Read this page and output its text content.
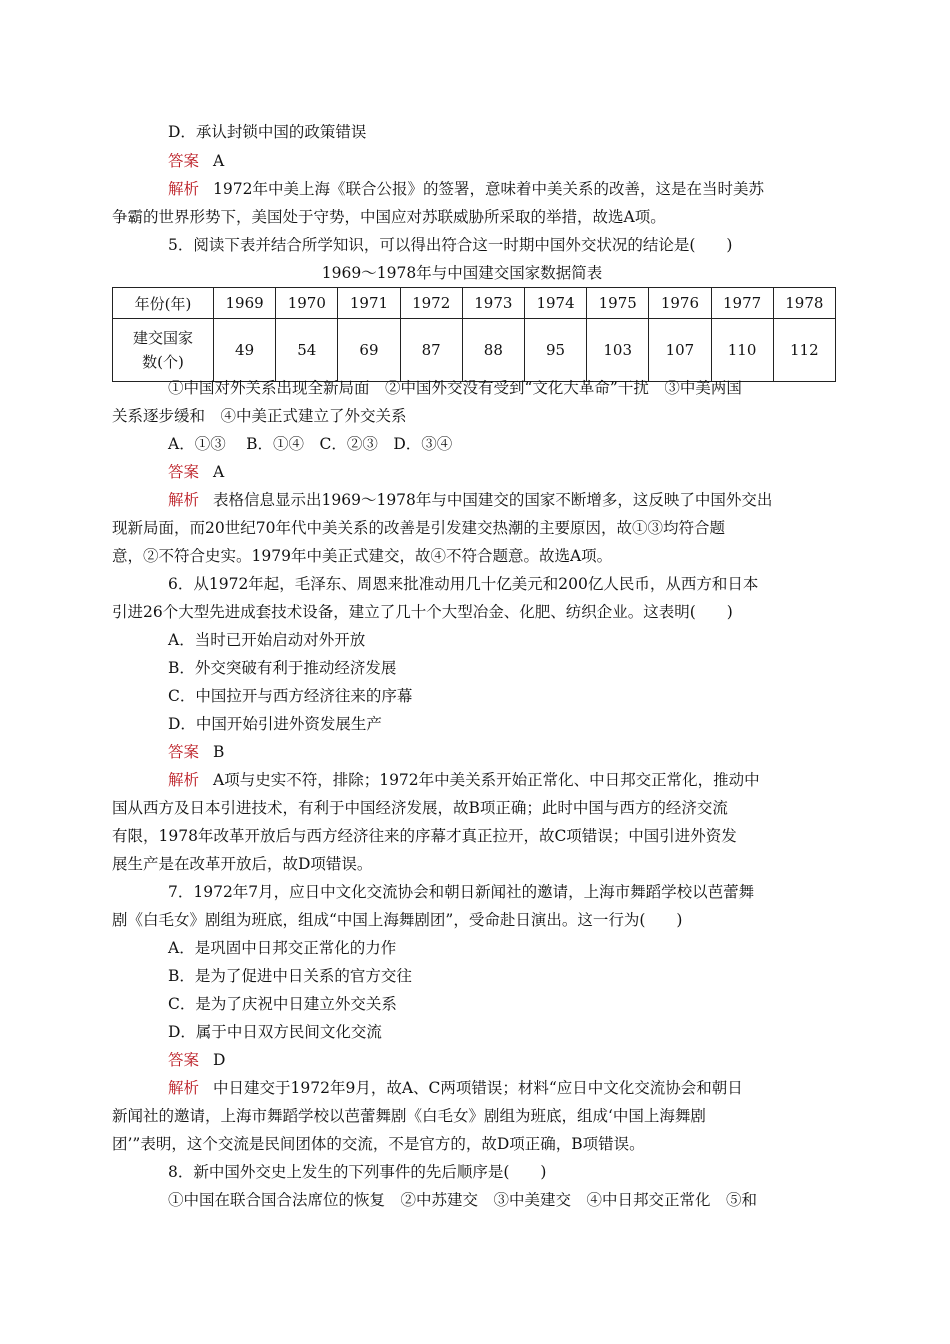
D．承认封锁中国的政策错误
答案 A
解析 1972年中美上海《联合公报》的签署，意味着中美关系的改善，这是在当时美苏
争霸的世界形势下，美国处于守势，中国应对苏联威胁所采取的举措，故选A项。
5．阅读下表并结合所学知识，可以得出符合这一时期中国外交状况的结论是(　　)
1969～1978年与中国建交国家数据简表
年份(年)	1969	1970	1971	1972	1973	1974	1975	1976	1977	1978
建交国家
数(个)	49	54	69	87	88	95	103	107	110	112
①中国对外关系出现全新局面　②中国外交没有受到“文化大革命”干扰　③中美两国
关系逐步缓和　④中美正式建立了外交关系
A．①③　 B．①④　C．②③　D．③④
答案 A
解析 表格信息显示出1969～1978年与中国建交的国家不断增多，这反映了中国外交出
现新局面，而20世纪70年代中美关系的改善是引发建交热潮的主要原因，故①③均符合题
意，②不符合史实。1979年中美正式建交，故④不符合题意。故选A项。
6．从1972年起，毛泽东、周恩来批准动用几十亿美元和200亿人民币，从西方和日本
引进26个大型先进成套技术设备，建立了几十个大型冶金、化肥、纺织企业。这表明(　　)
A．当时已开始启动对外开放
B．外交突破有利于推动经济发展
C．中国拉开与西方经济往来的序幕
D．中国开始引进外资发展生产
答案 B
解析 A项与史实不符，排除；1972年中美关系开始正常化、中日邦交正常化，推动中
国从西方及日本引进技术，有利于中国经济发展，故B项正确；此时中国与西方的经济交流
有限，1978年改革开放后与西方经济往来的序幕才真正拉开，故C项错误；中国引进外资发
展生产是在改革开放后，故D项错误。
7．1972年7月，应日中文化交流协会和朝日新闻社的邀请，上海市舞蹈学校以芭蕾舞
剧《白毛女》剧组为班底，组成“中国上海舞剧团”，受命赴日演出。这一行为(　　)
A．是巩固中日邦交正常化的力作
B．是为了促进中日关系的官方交往
C．是为了庆祝中日建立外交关系
D．属于中日双方民间文化交流
答案 D
解析 中日建交于1972年9月，故A、C两项错误；材料“应日中文化交流协会和朝日
新闻社的邀请，上海市舞蹈学校以芭蕾舞剧《白毛女》剧组为班底，组成‘中国上海舞剧
团’”表明，这个交流是民间团体的交流，不是官方的，故D项正确，B项错误。
8．新中国外交史上发生的下列事件的先后顺序是(　　)
①中国在联合国合法席位的恢复　②中苏建交　③中美建交　④中日邦交正常化　⑤和
